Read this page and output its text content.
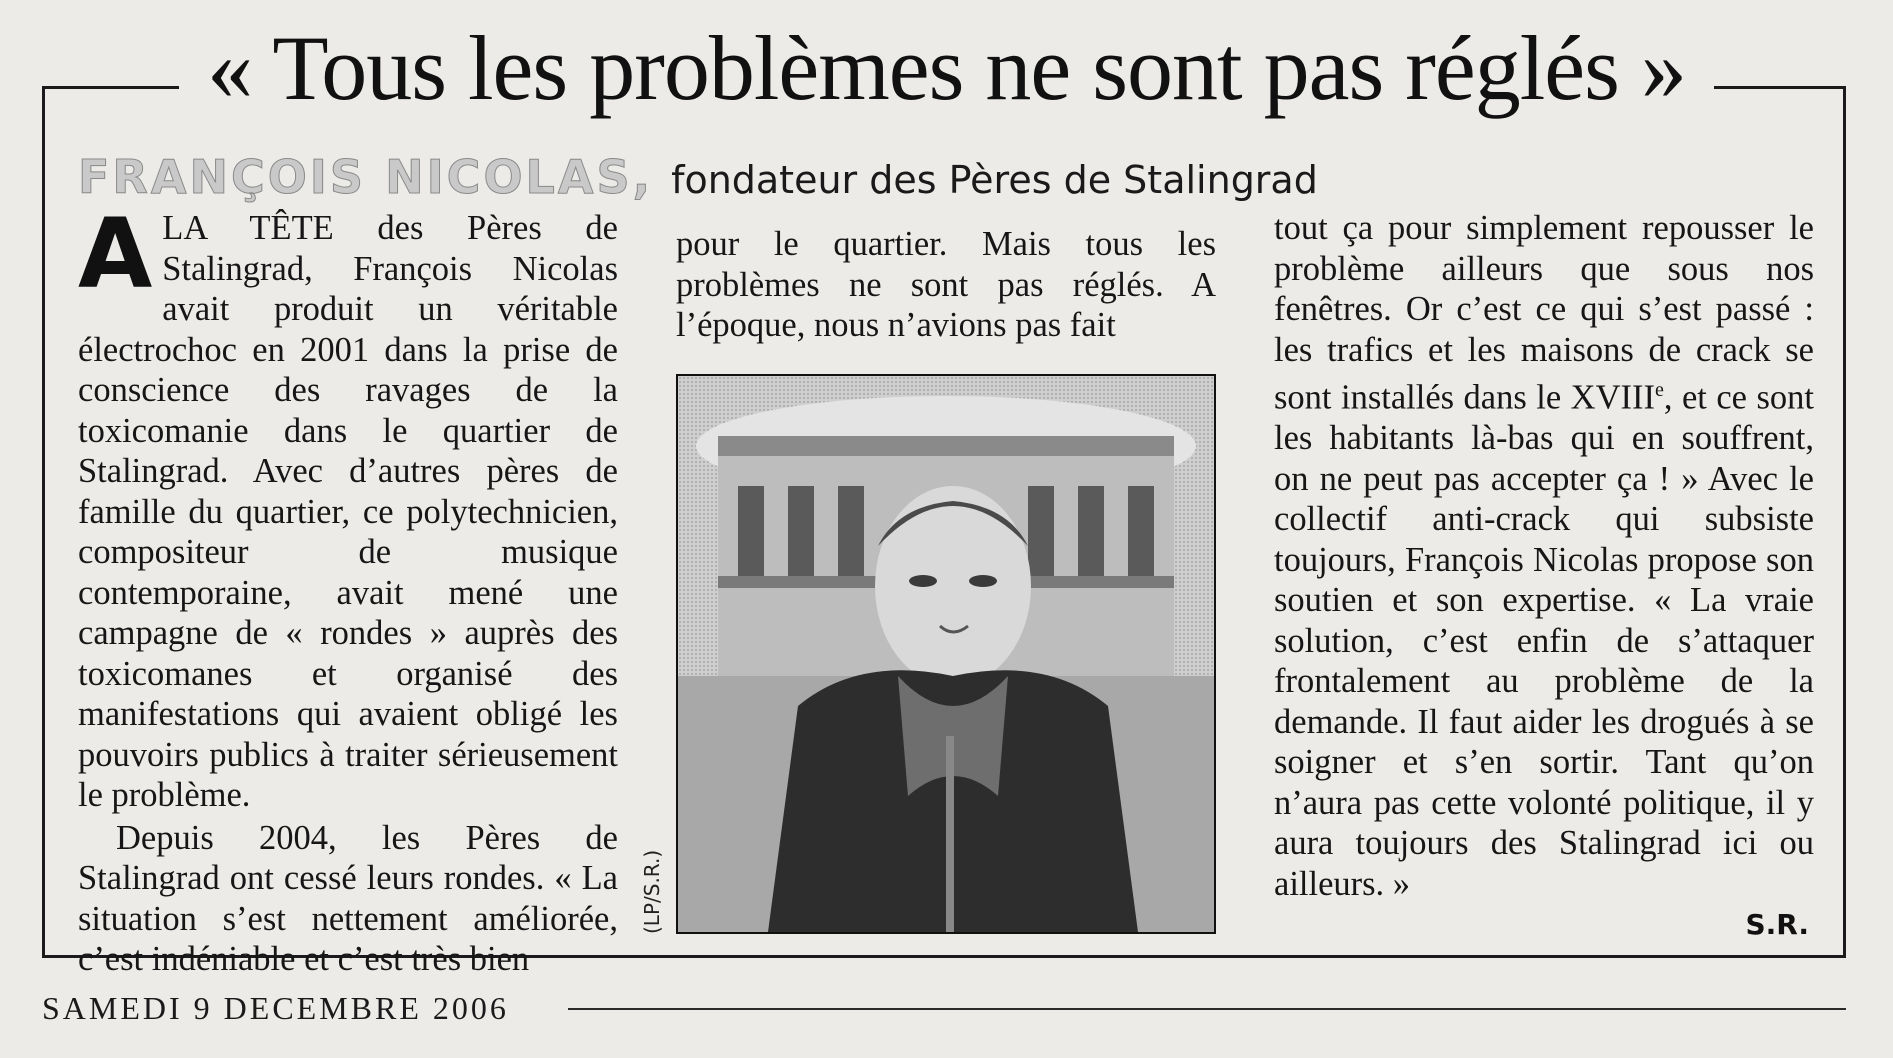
« Tous les problèmes ne sont pas réglés »
FRANÇOIS NICOLAS, fondateur des Pères de Stalingrad

ALA TÊTE des Pères de Stalingrad, François Nicolas avait produit un véritable électrochoc en 2001 dans la prise de conscience des ravages de la toxicomanie dans le quartier de Stalingrad. Avec d’autres pères de famille du quartier, ce polytechnicien, compositeur de musique contemporaine, avait mené une campagne de « rondes » auprès des toxicomanes et organisé des manifestations qui avaient obligé les pouvoirs publics à traiter sérieusement le problème.

Depuis 2004, les Pères de Stalingrad ont cessé leurs rondes. « La situation s’est nettement améliorée, c’est indéniable et c’est très bien

pour le quartier. Mais tous les problèmes ne sont pas réglés. A l’époque, nous n’avions pas fait

(LP/S.R.)

tout ça pour simplement repousser le problème ailleurs que sous nos fenêtres. Or c’est ce qui s’est passé : les trafics et les maisons de crack se sont installés dans le XVIIIe, et ce sont les habitants là-bas qui en souffrent, on ne peut pas accepter ça ! » Avec le collectif anti-crack qui subsiste toujours, François Nicolas propose son soutien et son expertise. « La vraie solution, c’est enfin de s’attaquer frontalement au problème de la demande. Il faut aider les drogués à se soigner et s’en sortir. Tant qu’on n’aura pas cette volonté politique, il y aura toujours des Stalingrad ici ou ailleurs. »

S.R.
SAMEDI 9 DECEMBRE 2006
